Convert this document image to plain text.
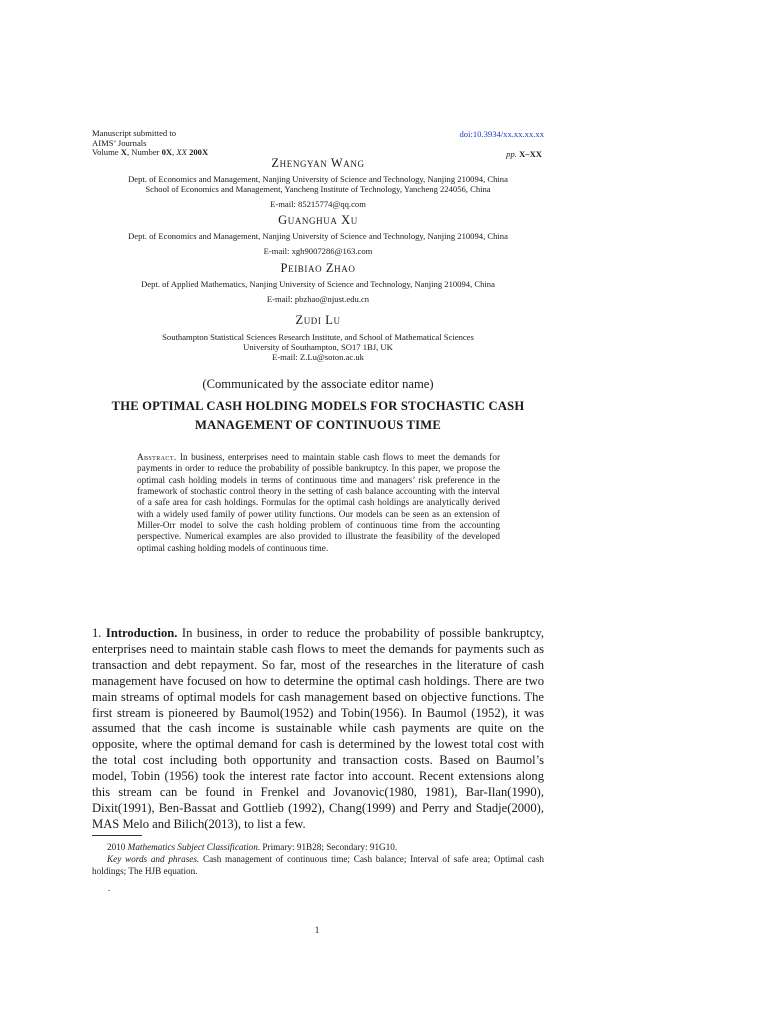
Manuscript submitted to
AIMS’ Journals
Volume X, Number 0X, XX 200X
doi:10.3934/xx.xx.xx.xx
pp. X–XX
Zhengyan Wang
Dept. of Economics and Management, Nanjing University of Science and Technology, Nanjing 210094, China
School of Economics and Management, Yancheng Institute of Technology, Yancheng 224056, China
E-mail: 85215774@qq.com
Guanghua Xu
Dept. of Economics and Management, Nanjing University of Science and Technology, Nanjing 210094, China
E-mail: xgh9007286@163.com
Peibiao Zhao
Dept. of Applied Mathematics, Nanjing University of Science and Technology, Nanjing 210094, China
E-mail: pbzhao@njust.edu.cn
Zudi Lu
Southampton Statistical Sciences Research Institute, and School of Mathematical Sciences
University of Southampton, SO17 1BJ, UK
E-mail: Z.Lu@soton.ac.uk
(Communicated by the associate editor name)
THE OPTIMAL CASH HOLDING MODELS FOR STOCHASTIC CASH
MANAGEMENT OF CONTINUOUS TIME
Abstract. In business, enterprises need to maintain stable cash flows to meet the demands for payments in order to reduce the probability of possible bankruptcy. In this paper, we propose the optimal cash holding models in terms of continuous time and managers’ risk preference in the framework of stochastic control theory in the setting of cash balance accounting with the interval of a safe area for cash holdings. Formulas for the optimal cash holdings are analytically derived with a widely used family of power utility functions. Our models can be seen as an extension of Miller-Orr model to solve the cash holding problem of continuous time from the accounting perspective. Numerical examples are also provided to illustrate the feasibility of the developed optimal cashing holding models of continuous time.
1. Introduction. In business, in order to reduce the probability of possible bankruptcy, enterprises need to maintain stable cash flows to meet the demands for payments such as transaction and debt repayment. So far, most of the researches in the literature of cash management have focused on how to determine the optimal cash holdings. There are two main streams of optimal models for cash management based on objective functions. The first stream is pioneered by Baumol(1952) and Tobin(1956). In Baumol (1952), it was assumed that the cash income is sustainable while cash payments are quite on the opposite, where the optimal demand for cash is determined by the lowest total cost with the total cost including both opportunity and transaction costs. Based on Baumol’s model, Tobin (1956) took the interest rate factor into account. Recent extensions along this stream can be found in Frenkel and Jovanovic(1980, 1981), Bar-Ilan(1990), Dixit(1991), Ben-Bassat and Gottlieb (1992), Chang(1999) and Perry and Stadje(2000), MAS Melo and Bilich(2013), to list a few.

2010 Mathematics Subject Classification. Primary: 91B28; Secondary: 91G10.

Key words and phrases. Cash management of continuous time; Cash balance; Interval of safe area; Optimal cash holdings; The HJB equation.

.
1
